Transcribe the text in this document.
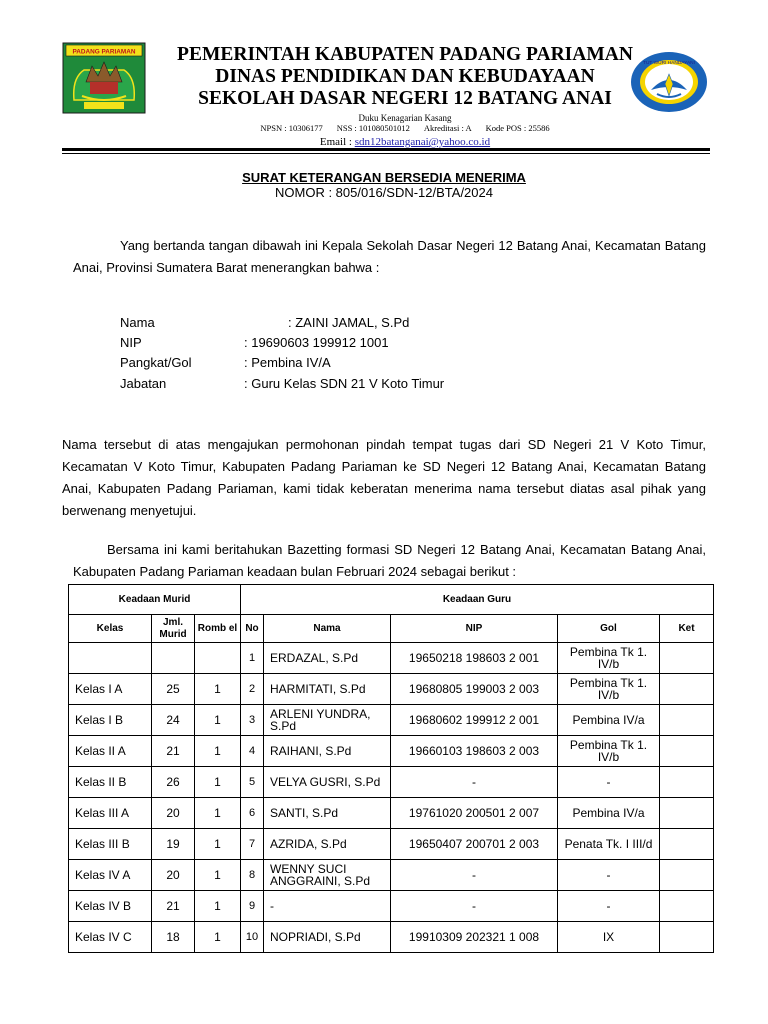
PADANG PARIAMAN
TUT WURI HANDAYANI
PEMERINTAH KABUPATEN PADANG PARIAMAN
DINAS PENDIDIKAN DAN KEBUDAYAAN
SEKOLAH DASAR NEGERI 12 BATANG ANAI
Duku Kenagarian Kasang
NPSN : 10306177 NSS : 101080501012 Akreditasi : A Kode POS : 25586
Email : sdn12batanganai@yahoo.co.id
SURAT KETERANGAN BERSEDIA MENERIMA
NOMOR : 805/016/SDN-12/BTA/2024
Yang bertanda tangan dibawah ini Kepala Sekolah Dasar Negeri 12 Batang Anai, Kecamatan Batang Anai, Provinsi Sumatera Barat menerangkan bahwa :
Nama	: ZAINI JAMAL, S.Pd
NIP	: 19690603 199912 1001
Pangkat/Gol	: Pembina IV/A
Jabatan	: Guru Kelas SDN 21 V Koto Timur
Nama tersebut di atas mengajukan permohonan pindah tempat tugas dari SD Negeri 21 V Koto Timur, Kecamatan V Koto Timur, Kabupaten Padang Pariaman ke SD Negeri 12 Batang Anai, Kecamatan Batang Anai, Kabupaten Padang Pariaman, kami tidak keberatan menerima nama tersebut diatas asal pihak yang berwenang menyetujui.
Bersama ini kami beritahukan Bazetting formasi SD Negeri 12 Batang Anai, Kecamatan Batang Anai, Kabupaten Padang Pariaman keadaan bulan Februari 2024 sebagai berikut :
Keadaan Murid			Keadaan Guru				
Kelas	Jml. Murid	Romb el	No	Nama	NIP	Gol	Ket
			1	ERDAZAL, S.Pd	19650218 198603 2 001	Pembina Tk 1. IV/b	
Kelas I A	25	1	2	HARMITATI, S.Pd	19680805 199003 2 003	Pembina Tk 1. IV/b	
Kelas I B	24	1	3	ARLENI YUNDRA, S.Pd	19680602 199912 2 001	Pembina IV/a	
Kelas II A	21	1	4	RAIHANI, S.Pd	19660103 198603 2 003	Pembina Tk 1. IV/b	
Kelas II B	26	1	5	VELYA GUSRI, S.Pd	-	-	
Kelas III A	20	1	6	SANTI, S.Pd	19761020 200501 2 007	Pembina IV/a	
Kelas III B	19	1	7	AZRIDA, S.Pd	19650407 200701 2 003	Penata Tk. I III/d	
Kelas IV A	20	1	8	WENNY SUCI ANGGRAINI, S.Pd	-	-	
Kelas IV B	21	1	9	-	-	-	
Kelas IV C	18	1	10	NOPRIADI, S.Pd	19910309 202321 1 008	IX	
